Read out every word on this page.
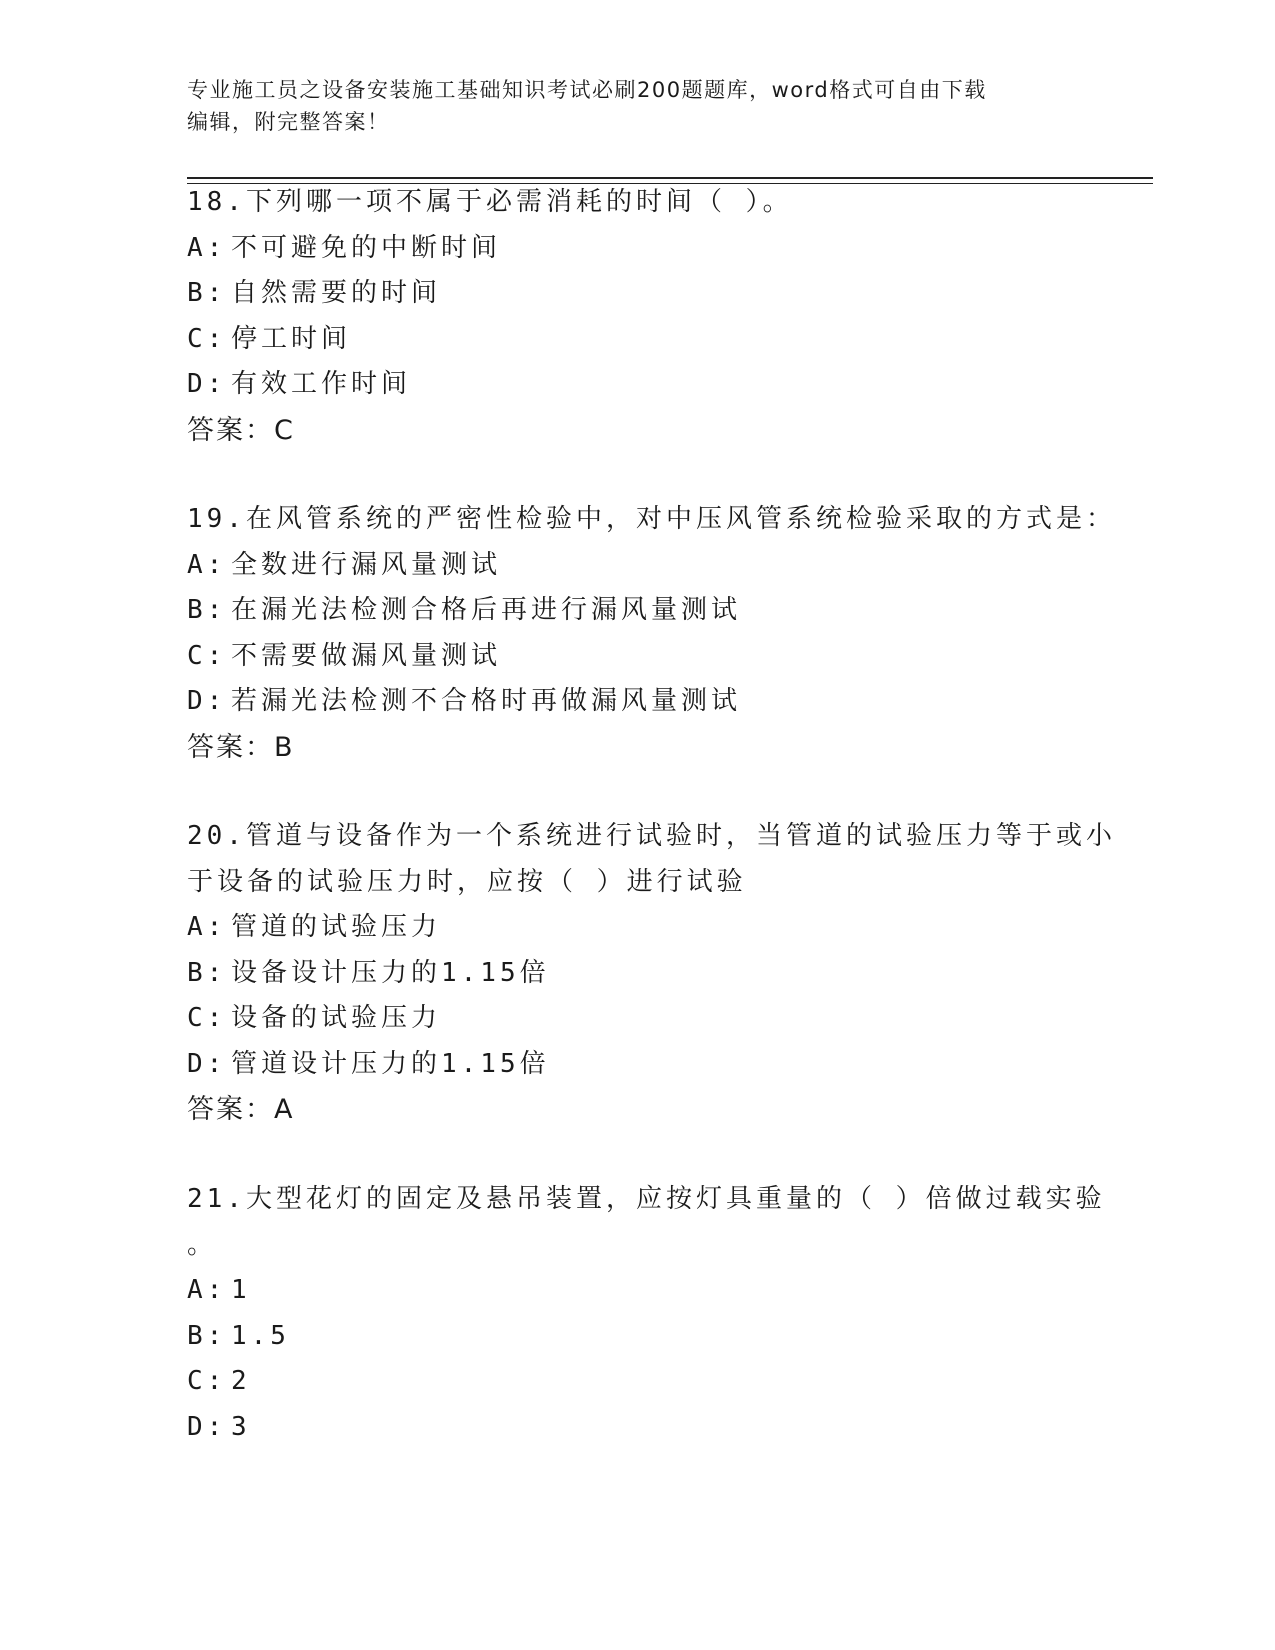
专业施工员之设备安装施工基础知识考试必刷200题题库，word格式可自由下载
编辑，附完整答案！
18.下列哪一项不属于必需消耗的时间（ ）。
A: 不可避免的中断时间
B: 自然需要的时间
C: 停工时间
D: 有效工作时间
答案：C
19.在风管系统的严密性检验中，对中压风管系统检验采取的方式是：
A: 全数进行漏风量测试
B: 在漏光法检测合格后再进行漏风量测试
C: 不需要做漏风量测试
D: 若漏光法检测不合格时再做漏风量测试
答案：B
20.管道与设备作为一个系统进行试验时，当管道的试验压力等于或小
于设备的试验压力时，应按（ ）进行试验
A: 管道的试验压力
B: 设备设计压力的1.15倍
C: 设备的试验压力
D: 管道设计压力的1.15倍
答案：A
21.大型花灯的固定及悬吊装置，应按灯具重量的（ ）倍做过载实验
。
A: 1
B: 1.5
C: 2
D: 3
